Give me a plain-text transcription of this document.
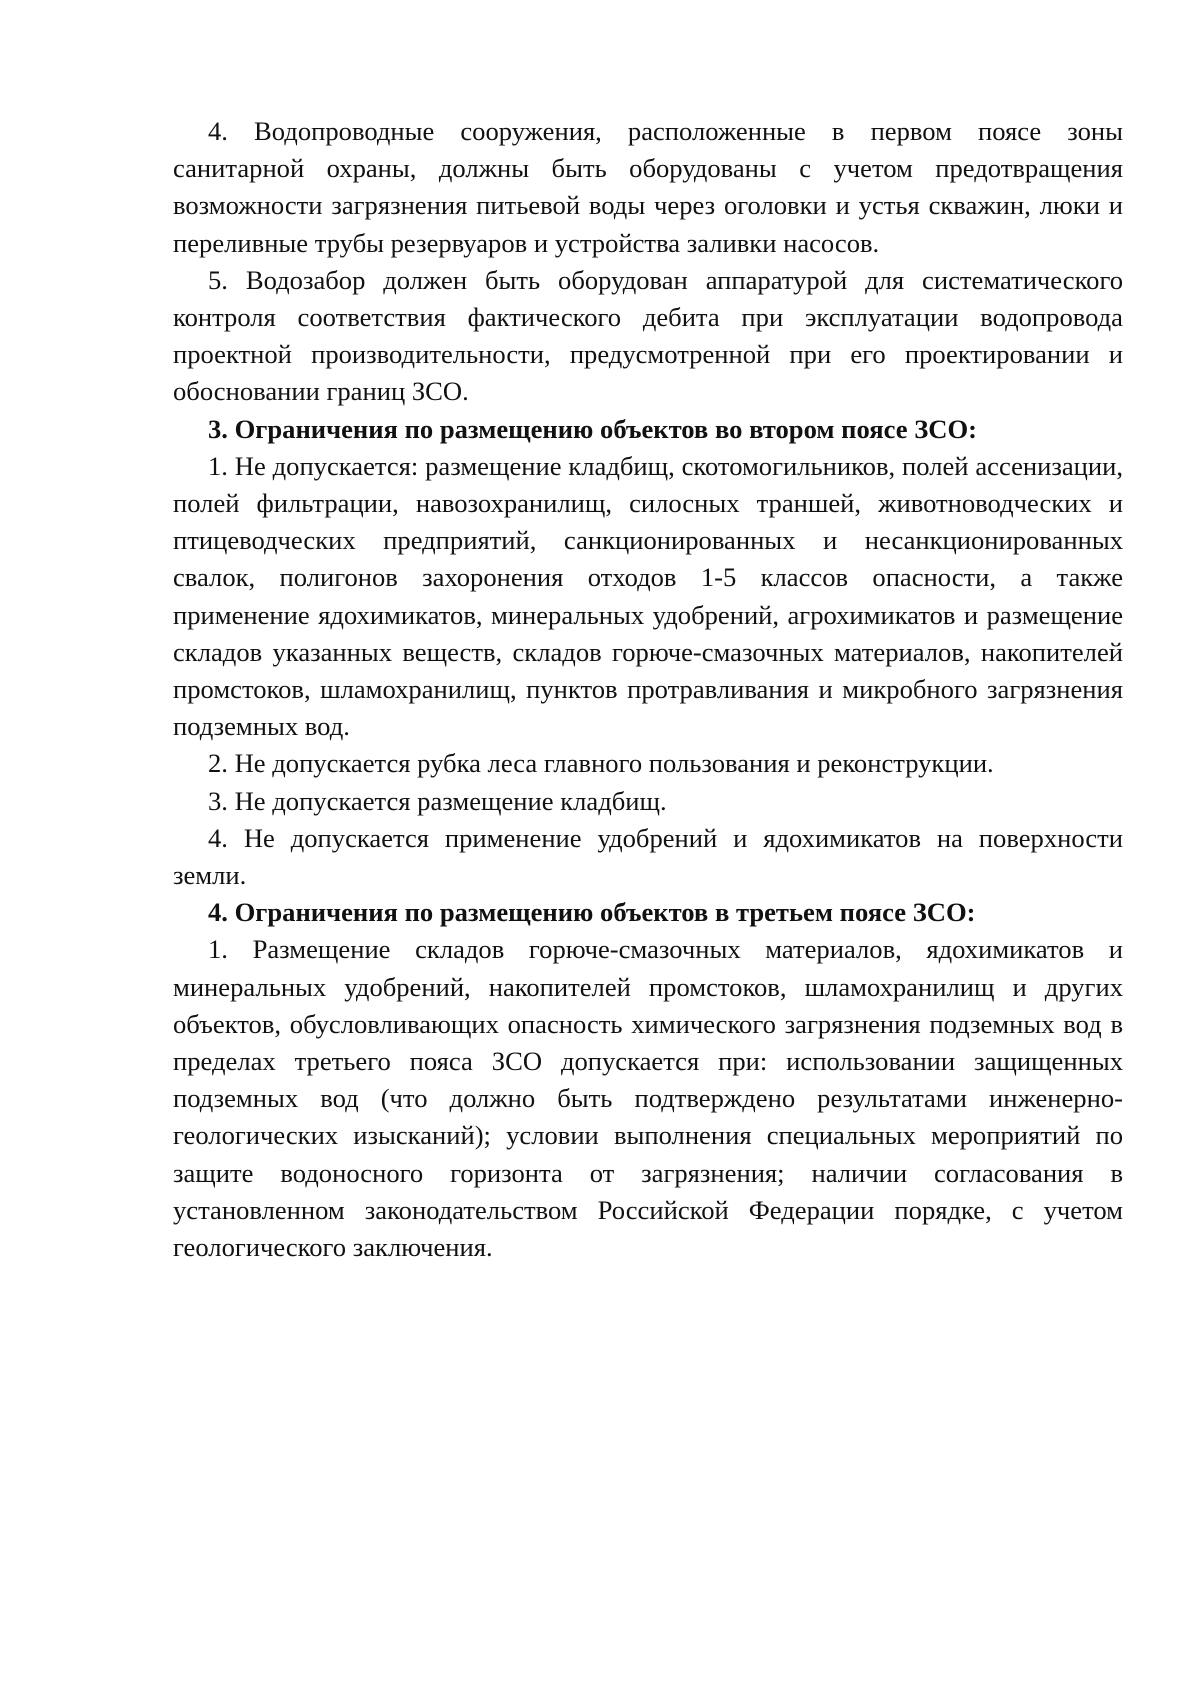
4. Водопроводные сооружения, расположенные в первом поясе зоны санитарной охраны, должны быть оборудованы с учетом предотвращения возможности загрязнения питьевой воды через оголовки и устья скважин, люки и переливные трубы резервуаров и устройства заливки насосов.

5. Водозабор должен быть оборудован аппаратурой для систематического контроля соответствия фактического дебита при эксплуатации водопровода проектной производительности, предусмотренной при его проектировании и обосновании границ ЗСО.

3. Ограничения по размещению объектов во втором поясе ЗСО:

1. Не допускается: размещение кладбищ, скотомогильников, полей ассенизации, полей фильтрации, навозохранилищ, силосных траншей, животноводческих и птицеводческих предприятий, санкционированных и несанкционированных свалок, полигонов захоронения отходов 1-5 классов опасности, а также применение ядохимикатов, минеральных удобрений, агрохимикатов и размещение складов указанных веществ, складов горюче-смазочных материалов, накопителей промстоков, шламохранилищ, пунктов протравливания и микробного загрязнения подземных вод.

2. Не допускается рубка леса главного пользования и реконструкции.

3. Не допускается размещение кладбищ.

4. Не допускается применение удобрений и ядохимикатов на поверхности земли.

4. Ограничения по размещению объектов в третьем поясе ЗСО:

1. Размещение складов горюче-смазочных материалов, ядохимикатов и минеральных удобрений, накопителей промстоков, шламохранилищ и других объектов, обусловливающих опасность химического загрязнения подземных вод в пределах третьего пояса ЗСО допускается при: использовании защищенных подземных вод (что должно быть подтверждено результатами инженерно-геологических изысканий); условии выполнения специальных мероприятий по защите водоносного горизонта от загрязнения; наличии согласования в установленном законодательством Российской Федерации порядке, с учетом геологического заключения.
